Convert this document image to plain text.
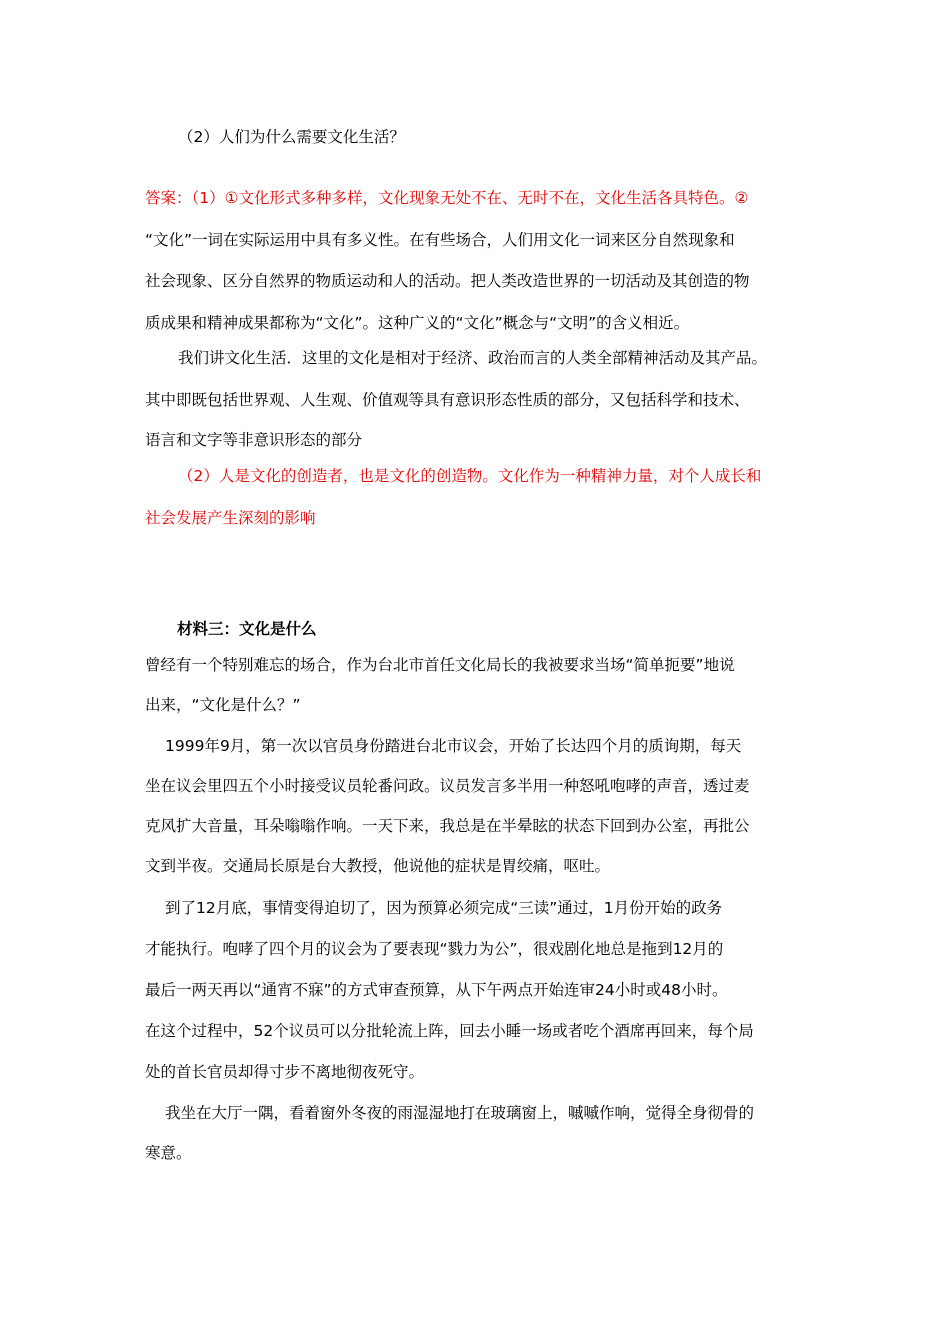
（2）人们为什么需要文化生活？
答案：（1）①文化形式多种多样，文化现象无处不在、无时不在，文化生活各具特色。②
“文化”一词在实际运用中具有多义性。在有些场合，人们用文化一词来区分自然现象和
社会现象、区分自然界的物质运动和人的活动。把人类改造世界的一切活动及其创造的物
质成果和精神成果都称为“文化”。这种广义的“文化”概念与“文明”的含义相近。
我们讲文化生活．这里的文化是相对于经济、政治而言的人类全部精神活动及其产品。
其中即既包括世界观、人生观、价值观等具有意识形态性质的部分，又包括科学和技术、
语言和文字等非意识形态的部分
（2）人是文化的创造者，也是文化的创造物。文化作为一种精神力量，对个人成长和
社会发展产生深刻的影响
材料三：文化是什么
曾经有一个特别难忘的场合，作为台北市首任文化局长的我被要求当场“简单扼要”地说
出来，“文化是什么？”
1999年9月，第一次以官员身份踏进台北市议会，开始了长达四个月的质询期，每天
坐在议会里四五个小时接受议员轮番问政。议员发言多半用一种怒吼咆哮的声音，透过麦
克风扩大音量，耳朵嗡嗡作响。一天下来，我总是在半晕眩的状态下回到办公室，再批公
文到半夜。交通局长原是台大教授，他说他的症状是胃绞痛，呕吐。
到了12月底，事情变得迫切了，因为预算必须完成“三读”通过，1月份开始的政务
才能执行。咆哮了四个月的议会为了要表现“戮力为公”，很戏剧化地总是拖到12月的
最后一两天再以“通宵不寐”的方式审查预算，从下午两点开始连审24小时或48小时。
在这个过程中，52个议员可以分批轮流上阵，回去小睡一场或者吃个酒席再回来，每个局
处的首长官员却得寸步不离地彻夜死守。
我坐在大厅一隅，看着窗外冬夜的雨湿湿地打在玻璃窗上，嘁嘁作响，觉得全身彻骨的
寒意。
